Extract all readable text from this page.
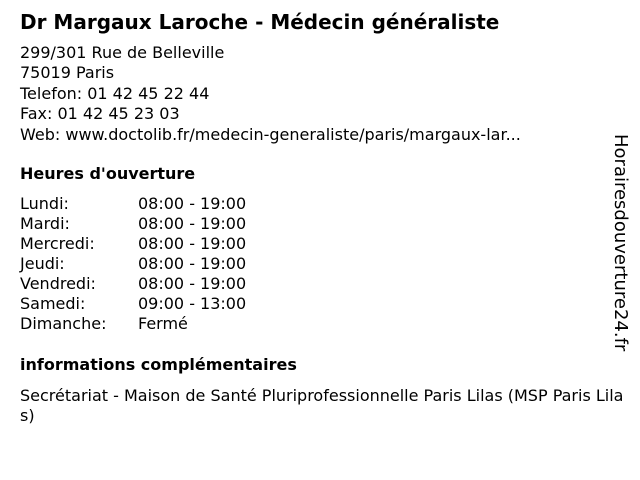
Dr Margaux Laroche - Médecin généraliste
299/301 Rue de Belleville
75019 Paris
Telefon: 01 42 45 22 44
Fax: 01 42 45 23 03
Web: www.doctolib.fr/medecin-generaliste/paris/margaux-lar...
Heures d'ouverture
Lundi:	08:00 - 19:00
Mardi:	08:00 - 19:00
Mercredi:	08:00 - 19:00
Jeudi:	08:00 - 19:00
Vendredi:	08:00 - 19:00
Samedi:	09:00 - 13:00
Dimanche:	Fermé
informations complémentaires
Secrétariat - Maison de Santé Pluriprofessionnelle Paris Lilas (MSP Paris Lilas)
Horairesdouverture24.fr
